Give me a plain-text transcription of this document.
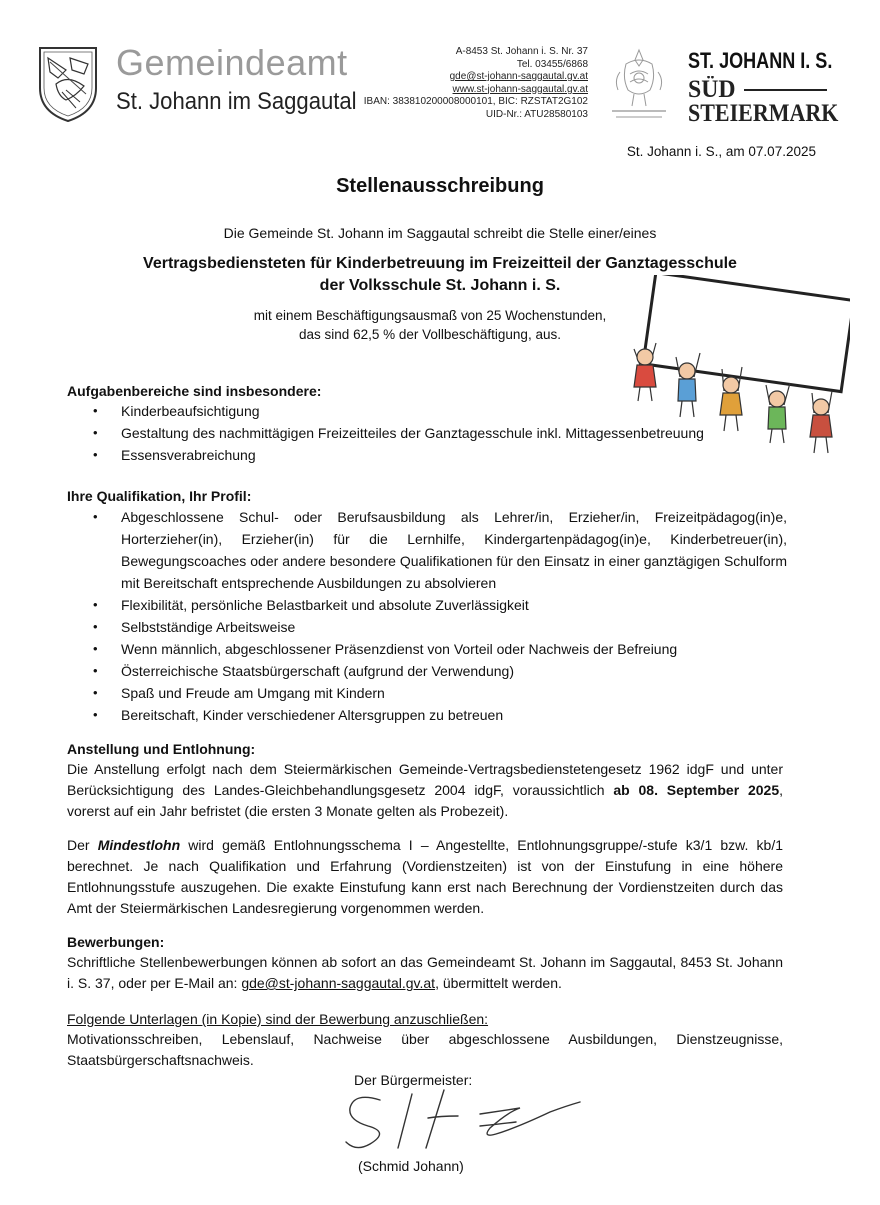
Gemeindeamt
St. Johann im Saggautal
A-8453 St. Johann i. S. Nr. 37
Tel. 03455/6868
gde@st-johann-saggautal.gv.at
www.st-johann-saggautal.gv.at
IBAN: 383810200008000101, BIC: RZSTAT2G102
UID-Nr.: ATU28580103
ST. JOHANN I. S.
SÜD
STEIERMARK
St. Johann i. S., am 07.07.2025
Stellenausschreibung
Die Gemeinde St. Johann im Saggautal schreibt die Stelle einer/eines
Vertragsbediensteten für Kinderbetreuung im Freizeitteil der Ganztagesschule
der Volksschule St. Johann i. S.
mit einem Beschäftigungsausmaß von 25 Wochenstunden,
das sind 62,5 % der Vollbeschäftigung, aus.
Aufgabenbereiche sind insbesondere:
• Kinderbeaufsichtigung
• Gestaltung des nachmittägigen Freizeitteiles der Ganztagesschule inkl. Mittagessenbetreuung
• Essensverabreichung
Ihre Qualifikation, Ihr Profil:
• Abgeschlossene Schul- oder Berufsausbildung als Lehrer/in, Erzieher/in, Freizeitpädagog(in)e, Horterzieher(in), Erzieher(in) für die Lernhilfe, Kindergartenpädagog(in)e, Kinderbetreuer(in), Bewegungscoaches oder andere besondere Qualifikationen für den Einsatz in einer ganztägigen Schulform mit Bereitschaft entsprechende Ausbildungen zu absolvieren
• Flexibilität, persönliche Belastbarkeit und absolute Zuverlässigkeit
• Selbstständige Arbeitsweise
• Wenn männlich, abgeschlossener Präsenzdienst von Vorteil oder Nachweis der Befreiung
• Österreichische Staatsbürgerschaft (aufgrund der Verwendung)
• Spaß und Freude am Umgang mit Kindern
• Bereitschaft, Kinder verschiedener Altersgruppen zu betreuen
Anstellung und Entlohnung:
Die Anstellung erfolgt nach dem Steiermärkischen Gemeinde-Vertragsbedienstetengesetz 1962 idgF und unter Berücksichtigung des Landes-Gleichbehandlungsgesetz 2004 idgF, voraussichtlich ab 08. September 2025, vorerst auf ein Jahr befristet (die ersten 3 Monate gelten als Probezeit).
Der Mindestlohn wird gemäß Entlohnungsschema I – Angestellte, Entlohnungsgruppe/-stufe k3/1 bzw. kb/1 berechnet. Je nach Qualifikation und Erfahrung (Vordienstzeiten) ist von der Einstufung in eine höhere Entlohnungsstufe auszugehen. Die exakte Einstufung kann erst nach Berechnung der Vordienstzeiten durch das Amt der Steiermärkischen Landesregierung vorgenommen werden.
Bewerbungen:
Schriftliche Stellenbewerbungen können ab sofort an das Gemeindeamt St. Johann im Saggautal, 8453 St. Johann i. S. 37, oder per E-Mail an: gde@st-johann-saggautal.gv.at, übermittelt werden.
Folgende Unterlagen (in Kopie) sind der Bewerbung anzuschließen:
Motivationsschreiben, Lebenslauf, Nachweise über abgeschlossene Ausbildungen, Dienstzeugnisse, Staatsbürgerschaftsnachweis.
Der Bürgermeister:
(Schmid Johann)
